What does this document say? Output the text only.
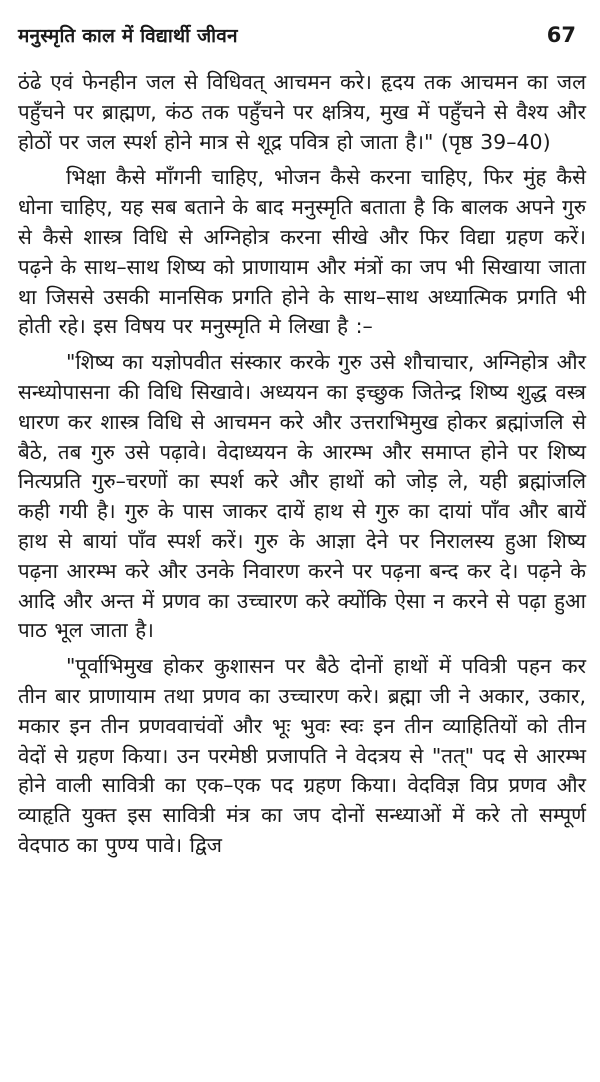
मनुस्मृति काल में विद्यार्थी जीवन	67

ठंढे एवं फेनहीन जल से विधिवत् आचमन करे। हृदय तक आचमन का जल पहुँचने पर ब्राह्मण, कंठ तक पहुँचने पर क्षत्रिय, मुख में पहुँचने से वैश्य और होठों पर जल स्पर्श होने मात्र से शूद्र पवित्र हो जाता है।" (पृष्ठ 39–40)

भिक्षा कैसे माँगनी चाहिए, भोजन कैसे करना चाहिए, फिर मुंह कैसे धोना चाहिए, यह सब बताने के बाद मनुस्मृति बताता है कि बालक अपने गुरु से कैसे शास्त्र विधि से अग्निहोत्र करना सीखे और फिर विद्या ग्रहण करें। पढ़ने के साथ–साथ शिष्य को प्राणायाम और मंत्रों का जप भी सिखाया जाता था जिससे उसकी मानसिक प्रगति होने के साथ–साथ अध्यात्मिक प्रगति भी होती रहे। इस विषय पर मनुस्मृति मे लिखा है :–

"शिष्य का यज्ञोपवीत संस्कार करके गुरु उसे शौचाचार, अग्निहोत्र और सन्ध्योपासना की विधि सिखावे। अध्ययन का इच्छुक जितेन्द्र शिष्य शुद्ध वस्त्र धारण कर शास्त्र विधि से आचमन करे और उत्तराभिमुख होकर ब्रह्मांजलि से बैठे, तब गुरु उसे पढ़ावे। वेदाध्ययन के आरम्भ और समाप्त होने पर शिष्य नित्यप्रति गुरु–चरणों का स्पर्श करे और हाथों को जोड़ ले, यही ब्रह्मांजलि कही गयी है। गुरु के पास जाकर दायें हाथ से गुरु का दायां पाँव और बायें हाथ से बायां पाँव स्पर्श करें। गुरु के आज्ञा देने पर निरालस्य हुआ शिष्य पढ़ना आरम्भ करे और उनके निवारण करने पर पढ़ना बन्द कर दे। पढ़ने के आदि और अन्त में प्रणव का उच्चारण करे क्योंकि ऐसा न करने से पढ़ा हुआ पाठ भूल जाता है।

"पूर्वाभिमुख होकर कुशासन पर बैठे दोनों हाथों में पवित्री पहन कर तीन बार प्राणायाम तथा प्रणव का उच्चारण करे। ब्रह्मा जी ने अकार, उकार, मकार इन तीन प्रणववाचंवों और भूः भुवः स्वः इन तीन व्याहितियों को तीन वेदों से ग्रहण किया। उन परमेष्ठी प्रजापति ने वेदत्रय से "तत्" पद से आरम्भ होने वाली सावित्री का एक–एक पद ग्रहण किया। वेदविज्ञ विप्र प्रणव और व्याहृति युक्त इस सावित्री मंत्र का जप दोनों सन्ध्याओं में करे तो सम्पूर्ण वेदपाठ का पुण्य पावे। द्विज
